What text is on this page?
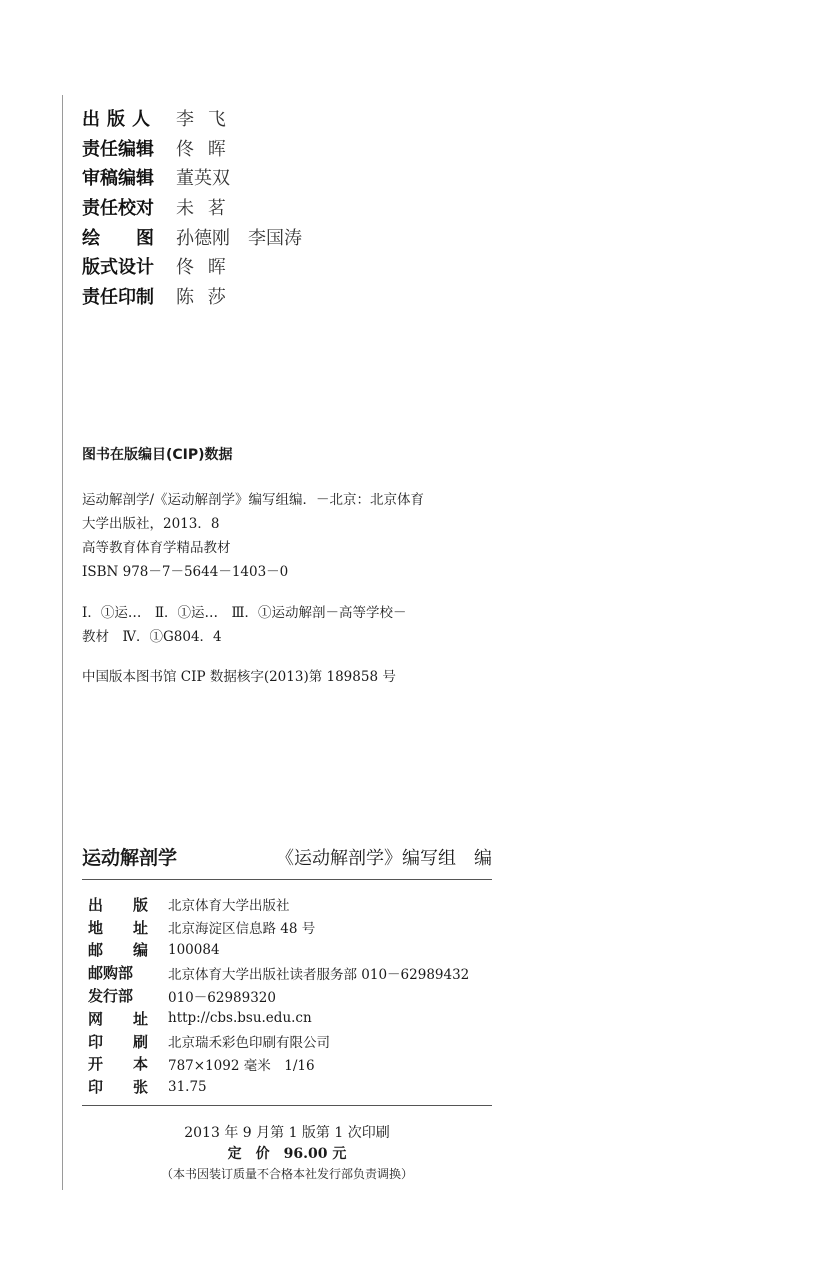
出版人	李 飞
责任编辑	佟 晖
审稿编辑	董英双
责任校对	未 茗
绘　　图	孙德刚　李国涛
版式设计	佟 晖
责任印制	陈 莎
图书在版编目(CIP)数据
运动解剖学/《运动解剖学》编写组编．－北京：北京体育
大学出版社，2013．8
高等教育体育学精品教材
ISBN 978－7－5644－1403－0
Ⅰ．①运…　Ⅱ．①运…　Ⅲ．①运动解剖－高等学校－
教材　Ⅳ．①G804．4
中国版本图书馆 CIP 数据核字(2013)第 189858 号
运动解剖学	《运动解剖学》编写组　编
出　　版 北京体育大学出版社
地　　址 北京海淀区信息路 48 号
邮　　编 100084
邮购部	北京体育大学出版社读者服务部 010－62989432
发行部	010－62989320
网　　址 http://cbs.bsu.edu.cn
印　　刷 北京瑞禾彩色印刷有限公司
开　　本 787×1092 毫米　1/16
印　　张 31.75
2013 年 9 月第 1 版第 1 次印刷
定　价　96.00 元
（本书因装订质量不合格本社发行部负责调换）
